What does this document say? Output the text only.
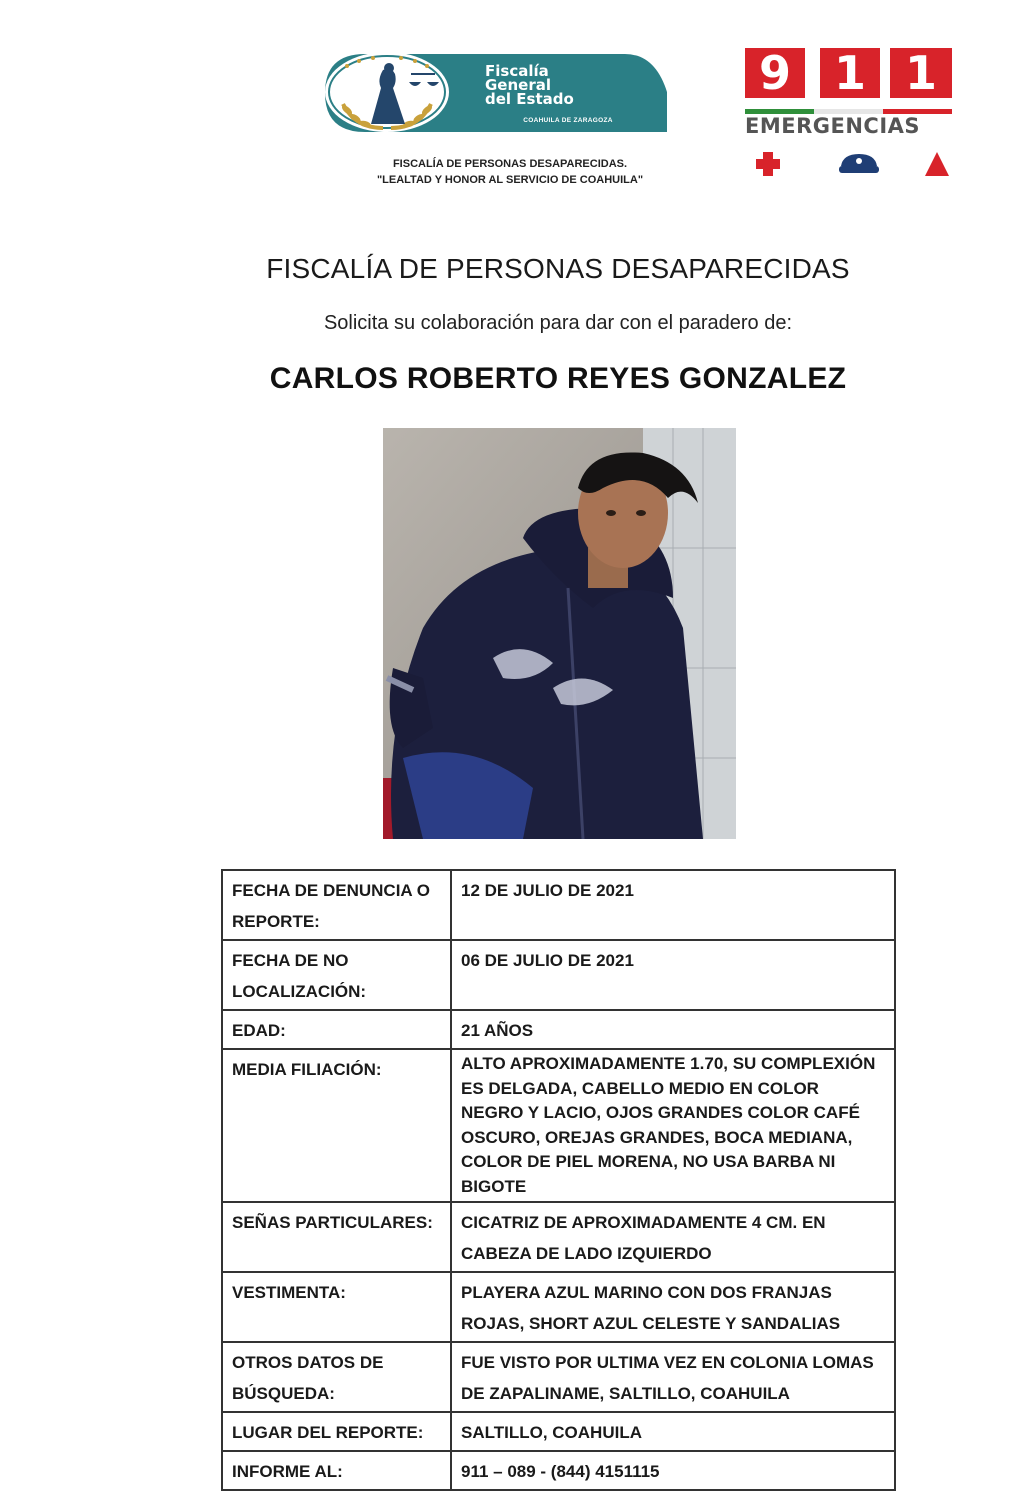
Fiscalía
General
del Estado
COAHUILA DE ZARAGOZA
FISCALÍA DE PERSONAS DESAPARECIDAS.
"LEALTAD Y HONOR AL SERVICIO DE COAHUILA"
9 1 1
EMERGENCIAS
FISCALÍA DE PERSONAS DESAPARECIDAS
Solicita su colaboración para dar con el paradero de:
CARLOS ROBERTO REYES GONZALEZ
FECHA DE DENUNCIA O REPORTE:	12 DE JULIO DE 2021
FECHA DE NO LOCALIZACIÓN:	06 DE JULIO DE 2021
EDAD:	21 AÑOS
MEDIA FILIACIÓN:	ALTO APROXIMADAMENTE 1.70, SU COMPLEXIÓN ES DELGADA, CABELLO MEDIO EN COLOR NEGRO Y LACIO, OJOS GRANDES COLOR CAFÉ OSCURO, OREJAS GRANDES, BOCA MEDIANA, COLOR DE PIEL MORENA, NO USA BARBA NI BIGOTE
SEÑAS PARTICULARES:	CICATRIZ DE APROXIMADAMENTE 4 CM. EN CABEZA DE LADO IZQUIERDO
VESTIMENTA:	PLAYERA AZUL MARINO CON DOS FRANJAS ROJAS, SHORT AZUL CELESTE Y SANDALIAS
OTROS DATOS DE BÚSQUEDA:	FUE VISTO POR ULTIMA VEZ EN COLONIA LOMAS DE ZAPALINAME, SALTILLO, COAHUILA
LUGAR DEL REPORTE:	SALTILLO, COAHUILA
INFORME AL:	911 – 089 - (844) 4151115
